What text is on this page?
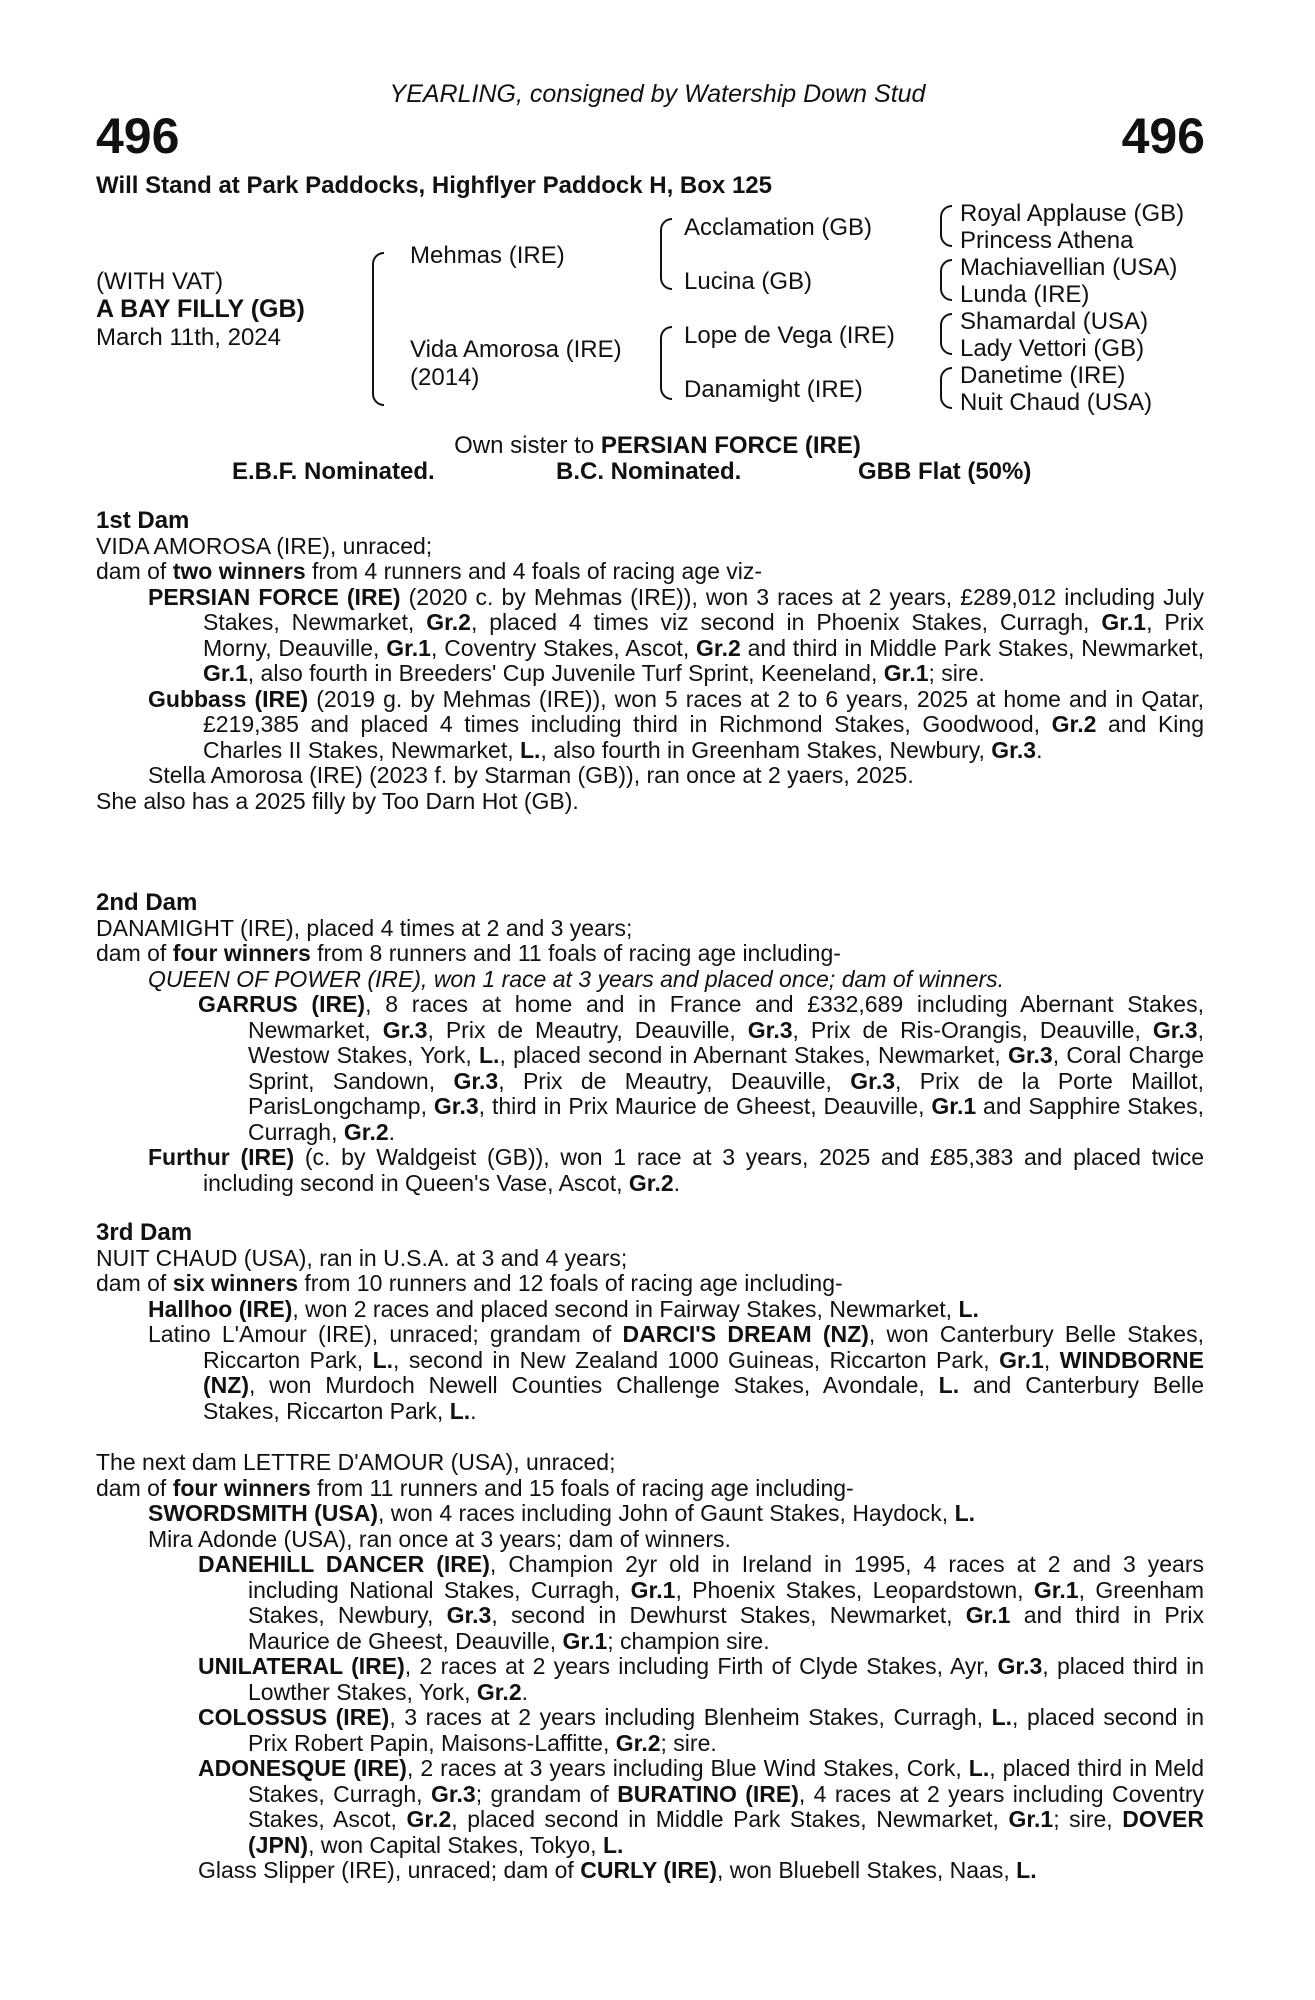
YEARLING, consigned by Watership Down Stud
496	496
Will Stand at Park Paddocks, Highflyer Paddock H, Box 125
(WITH VAT)
A BAY FILLY (GB)
March 11th, 2024
Mehmas (IRE)
Vida Amorosa (IRE)
(2014)
Acclamation (GB)
Lucina (GB)
Lope de Vega (IRE)
Danamight (IRE)
Royal Applause (GB)
Princess Athena
Machiavellian (USA)
Lunda (IRE)
Shamardal (USA)
Lady Vettori (GB)
Danetime (IRE)
Nuit Chaud (USA)
Own sister to PERSIAN FORCE (IRE)
E.B.F. Nominated.	B.C. Nominated.	GBB Flat (50%)

1st Dam

VIDA AMOROSA (IRE), unraced;

dam of two winners from 4 runners and 4 foals of racing age viz-

PERSIAN FORCE (IRE) (2020 c. by Mehmas (IRE)), won 3 races at 2 years, £289,012 including July Stakes, Newmarket, Gr.2, placed 4 times viz second in Phoenix Stakes, Curragh, Gr.1, Prix Morny, Deauville, Gr.1, Coventry Stakes, Ascot, Gr.2 and third in Middle Park Stakes, Newmarket, Gr.1, also fourth in Breeders' Cup Juvenile Turf Sprint, Keeneland, Gr.1; sire.

Gubbass (IRE) (2019 g. by Mehmas (IRE)), won 5 races at 2 to 6 years, 2025 at home and in Qatar, £219,385 and placed 4 times including third in Richmond Stakes, Goodwood, Gr.2 and King Charles II Stakes, Newmarket, L., also fourth in Greenham Stakes, Newbury, Gr.3.

Stella Amorosa (IRE) (2023 f. by Starman (GB)), ran once at 2 yaers, 2025.

She also has a 2025 filly by Too Darn Hot (GB).

2nd Dam

DANAMIGHT (IRE), placed 4 times at 2 and 3 years;

dam of four winners from 8 runners and 11 foals of racing age including-

QUEEN OF POWER (IRE), won 1 race at 3 years and placed once; dam of winners.

GARRUS (IRE), 8 races at home and in France and £332,689 including Abernant Stakes, Newmarket, Gr.3, Prix de Meautry, Deauville, Gr.3, Prix de Ris-Orangis, Deauville, Gr.3, Westow Stakes, York, L., placed second in Abernant Stakes, Newmarket, Gr.3, Coral Charge Sprint, Sandown, Gr.3, Prix de Meautry, Deauville, Gr.3, Prix de la Porte Maillot, ParisLongchamp, Gr.3, third in Prix Maurice de Gheest, Deauville, Gr.1 and Sapphire Stakes, Curragh, Gr.2.

Furthur (IRE) (c. by Waldgeist (GB)), won 1 race at 3 years, 2025 and £85,383 and placed twice including second in Queen's Vase, Ascot, Gr.2.

3rd Dam

NUIT CHAUD (USA), ran in U.S.A. at 3 and 4 years;

dam of six winners from 10 runners and 12 foals of racing age including-

Hallhoo (IRE), won 2 races and placed second in Fairway Stakes, Newmarket, L.

Latino L'Amour (IRE), unraced; grandam of DARCI'S DREAM (NZ), won Canterbury Belle Stakes, Riccarton Park, L., second in New Zealand 1000 Guineas, Riccarton Park, Gr.1, WINDBORNE (NZ), won Murdoch Newell Counties Challenge Stakes, Avondale, L. and Canterbury Belle Stakes, Riccarton Park, L..

The next dam LETTRE D'AMOUR (USA), unraced;

dam of four winners from 11 runners and 15 foals of racing age including-

SWORDSMITH (USA), won 4 races including John of Gaunt Stakes, Haydock, L.

Mira Adonde (USA), ran once at 3 years; dam of winners.

DANEHILL DANCER (IRE), Champion 2yr old in Ireland in 1995, 4 races at 2 and 3 years including National Stakes, Curragh, Gr.1, Phoenix Stakes, Leopardstown, Gr.1, Greenham Stakes, Newbury, Gr.3, second in Dewhurst Stakes, Newmarket, Gr.1 and third in Prix Maurice de Gheest, Deauville, Gr.1; champion sire.

UNILATERAL (IRE), 2 races at 2 years including Firth of Clyde Stakes, Ayr, Gr.3, placed third in Lowther Stakes, York, Gr.2.

COLOSSUS (IRE), 3 races at 2 years including Blenheim Stakes, Curragh, L., placed second in Prix Robert Papin, Maisons-Laffitte, Gr.2; sire.

ADONESQUE (IRE), 2 races at 3 years including Blue Wind Stakes, Cork, L., placed third in Meld Stakes, Curragh, Gr.3; grandam of BURATINO (IRE), 4 races at 2 years including Coventry Stakes, Ascot, Gr.2, placed second in Middle Park Stakes, Newmarket, Gr.1; sire, DOVER (JPN), won Capital Stakes, Tokyo, L.

Glass Slipper (IRE), unraced; dam of CURLY (IRE), won Bluebell Stakes, Naas, L.
